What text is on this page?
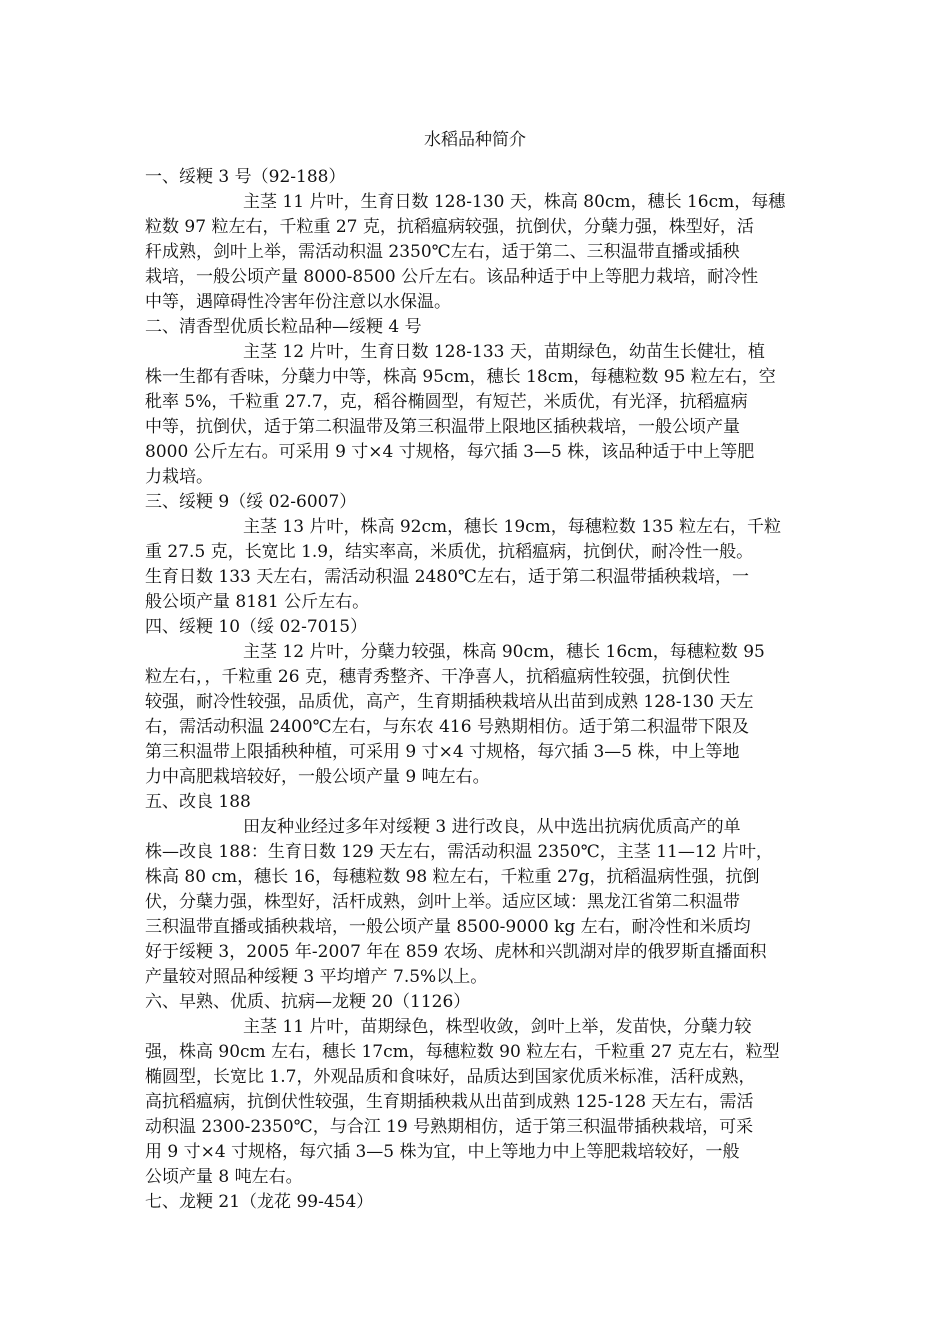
水稻品种简介
一、绥粳 3 号（92-188）
主茎 11 片叶，生育日数 128-130 天，株高 80cm，穗长 16cm，每穗
粒数 97 粒左右，千粒重 27 克，抗稻瘟病较强，抗倒伏，分蘖力强，株型好，活
秆成熟，剑叶上举，需活动积温 2350℃左右，适于第二、三积温带直播或插秧
栽培，一般公顷产量 8000-8500 公斤左右。该品种适于中上等肥力栽培，耐冷性
中等，遇障碍性冷害年份注意以水保温。
二、清香型优质长粒品种—绥粳 4 号
主茎 12 片叶，生育日数 128-133 天，苗期绿色，幼苗生长健壮，植
株一生都有香味，分蘖力中等，株高 95cm，穗长 18cm，每穗粒数 95 粒左右，空
秕率 5%，千粒重 27.7，克，稻谷椭圆型，有短芒，米质优，有光泽，抗稻瘟病
中等，抗倒伏，适于第二积温带及第三积温带上限地区插秧栽培，一般公顷产量
8000 公斤左右。可采用 9 寸×4 寸规格，每穴插 3—5 株，该品种适于中上等肥
力栽培。
三、绥粳 9（绥 02-6007）
主茎 13 片叶，株高 92cm，穗长 19cm，每穗粒数 135 粒左右，千粒
重 27.5 克，长宽比 1.9，结实率高，米质优，抗稻瘟病，抗倒伏，耐冷性一般。
生育日数 133 天左右，需活动积温 2480℃左右，适于第二积温带插秧栽培，一
般公顷产量 8181 公斤左右。
四、绥粳 10（绥 02-7015）
主茎 12 片叶，分蘖力较强，株高 90cm，穗长 16cm，每穗粒数 95
粒左右，，千粒重 26 克，穗青秀整齐、干净喜人，抗稻瘟病性较强，抗倒伏性
较强，耐冷性较强，品质优，高产，生育期插秧栽培从出苗到成熟 128-130 天左
右，需活动积温 2400℃左右，与东农 416 号熟期相仿。适于第二积温带下限及
第三积温带上限插秧种植，可采用 9 寸×4 寸规格，每穴插 3—5 株，中上等地
力中高肥栽培较好，一般公顷产量 9 吨左右。
五、改良 188
田友种业经过多年对绥粳 3 进行改良，从中选出抗病优质高产的单
株—改良 188：生育日数 129 天左右，需活动积温 2350℃，主茎 11—12 片叶，
株高 80 cm，穗长 16，每穗粒数 98 粒左右，千粒重 27g，抗稻温病性强，抗倒
伏，分蘖力强，株型好，活杆成熟，剑叶上举。适应区域：黑龙江省第二积温带
三积温带直播或插秧栽培，一般公顷产量 8500-9000 kg 左右，耐冷性和米质均
好于绥粳 3，2005 年-2007 年在 859 农场、虎林和兴凯湖对岸的俄罗斯直播面积
产量较对照品种绥粳 3 平均增产 7.5%以上。
六、早熟、优质、抗病—龙粳 20（1126）
主茎 11 片叶，苗期绿色，株型收敛，剑叶上举，发苗快，分蘖力较
强，株高 90cm 左右，穗长 17cm，每穗粒数 90 粒左右，千粒重 27 克左右，粒型
椭圆型，长宽比 1.7，外观品质和食味好，品质达到国家优质米标准，活秆成熟，
高抗稻瘟病，抗倒伏性较强，生育期插秧栽从出苗到成熟 125-128 天左右，需活
动积温 2300-2350℃，与合江 19 号熟期相仿，适于第三积温带插秧栽培，可采
用 9 寸×4 寸规格，每穴插 3—5 株为宜，中上等地力中上等肥栽培较好，一般
公顷产量 8 吨左右。
七、龙粳 21（龙花 99-454）
